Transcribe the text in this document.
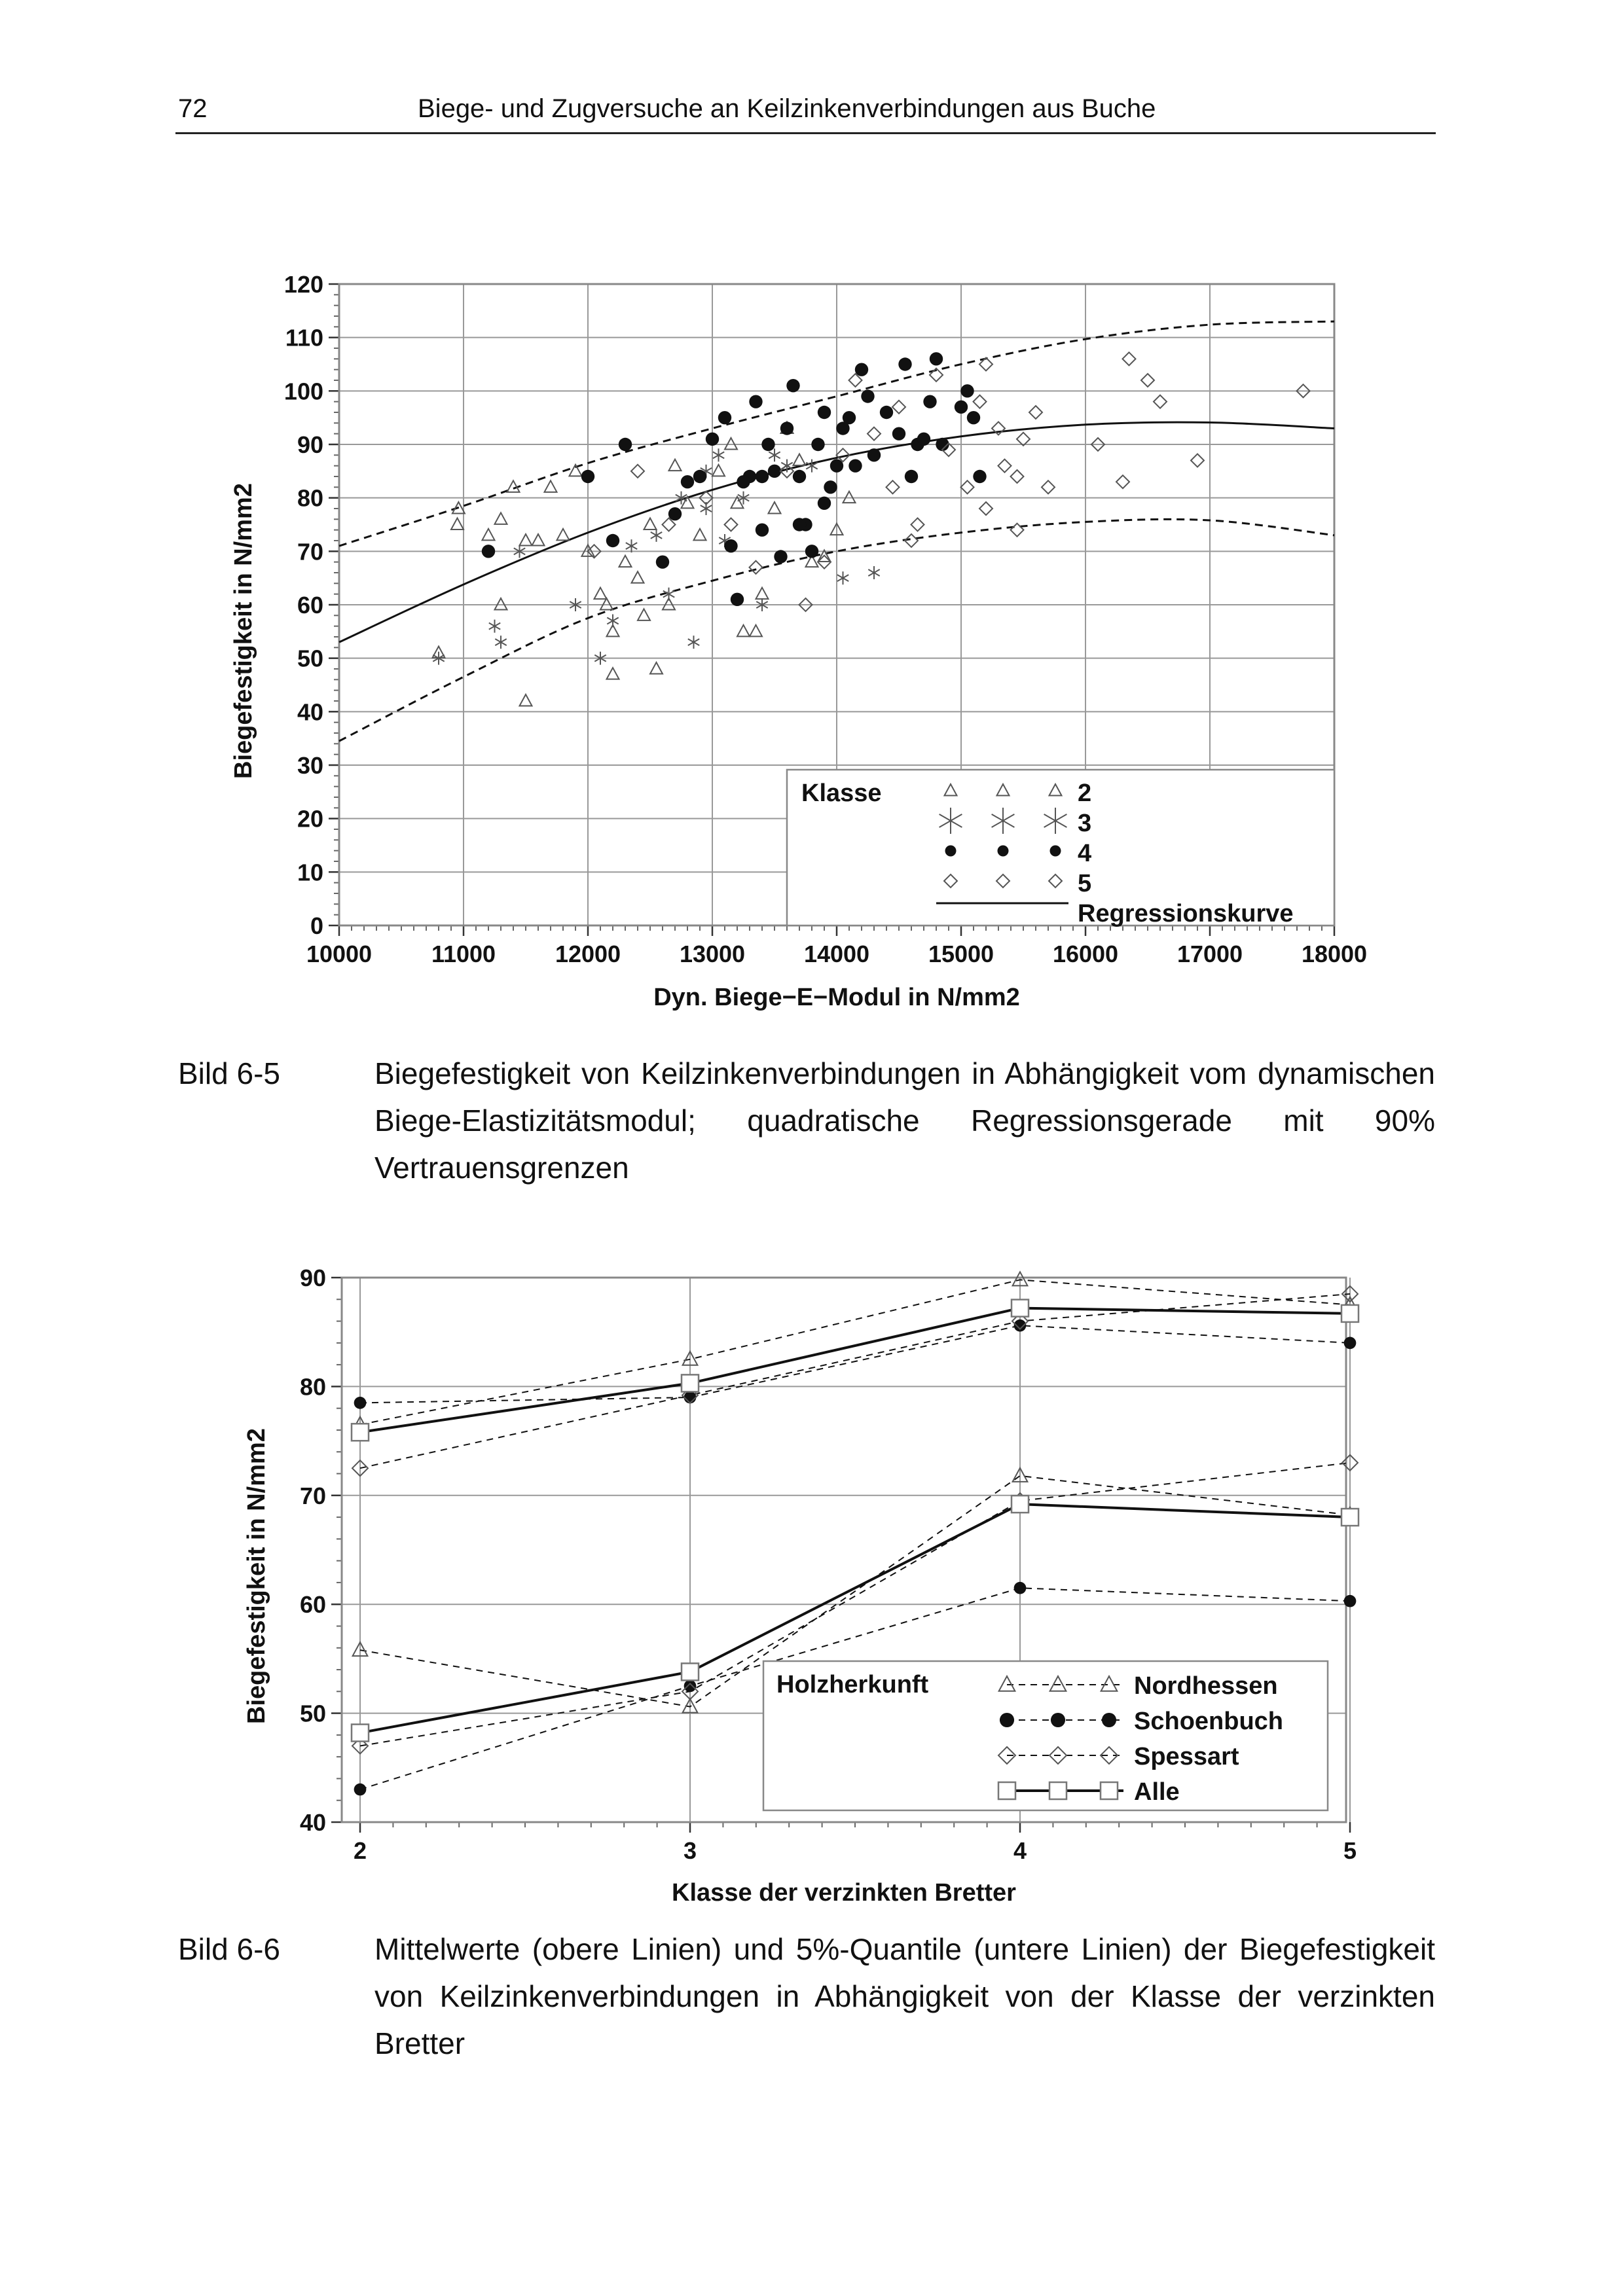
72	Biege- und Zugversuche an Keilzinkenverbindungen aus Buche
10000	11000	12000 13000 14000 15000 16000 17000 18000
0
10
20
30
40
50
60
70
80
90
100
110
120
Klasse	2
3
4
5
Regressionskurve
Dyn. Biege−E−Modul in N/mm2
Biegefestigkeit in N/mm2
Bild 6-5	Biegefestigkeit von Keilzinkenverbindungen in Abhängigkeit vom dynamischen Biege-Elastizitätsmodul; quadratische Regressionsgerade mit 90% Vertrauensgrenzen
2	3	4	5
40
50
60
70
80
90
Holzherkunft	Nordhessen
Schoenbuch
Spessart
Alle
Klasse der verzinkten Bretter
Biegefestigkeit in N/mm2
Bild 6-6	Mittelwerte (obere Linien) und 5%-Quantile (untere Linien) der Biegefestigkeit von Keilzinkenverbindungen in Abhängigkeit von der Klasse der verzinkten Bretter
